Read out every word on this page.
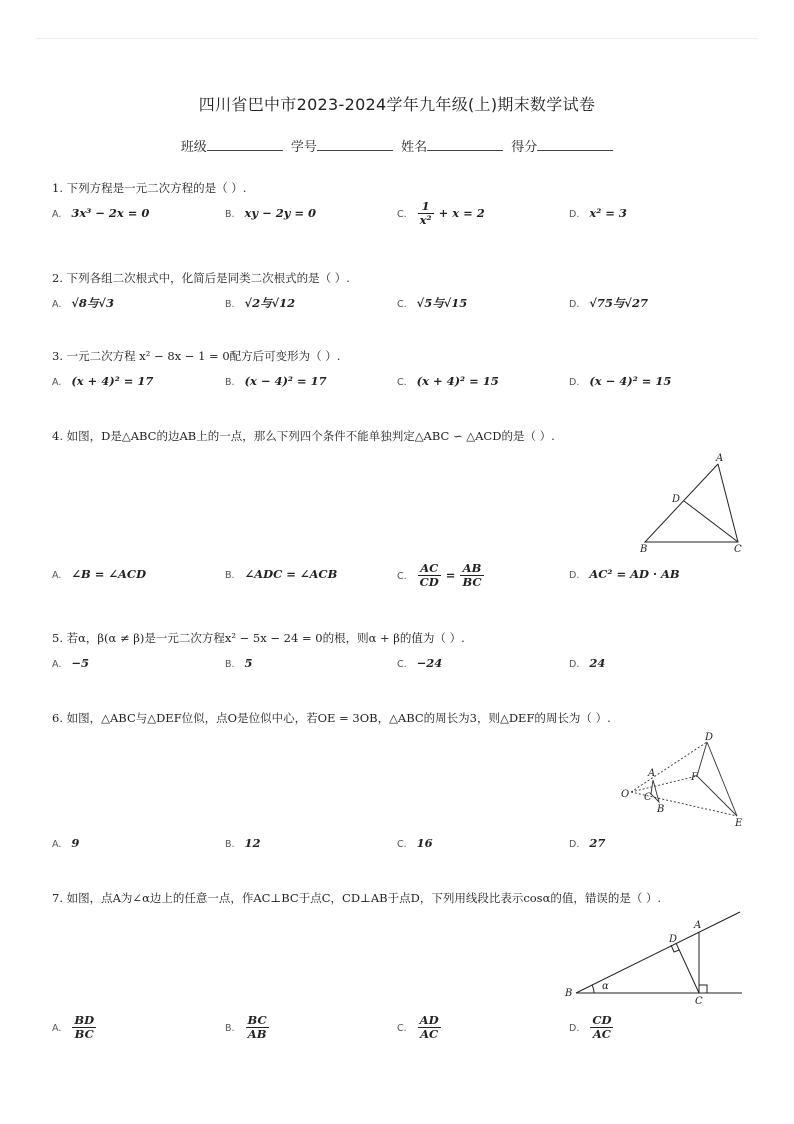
四川省巴中市2023-2024学年九年级(上)期末数学试卷
班级	学号	姓名	得分
1. 下列方程是一元二次方程的是（ ）.
A. 3x³ − 2x = 0	B. xy − 2y = 0	C. $\frac{1}{\text{x²}} + x = 2$	D. x² = 3
2. 下列各组二次根式中，化简后是同类二次根式的是（ ）.
A. √8与√3	B. √2与√12	C. √5与√15	D. √75与√27
3. 一元二次方程 x² − 8x − 1 = 0配方后可变形为（ ）.
A. (x + 4)² = 17	B. (x − 4)² = 17	C. (x + 4)² = 15	D. (x − 4)² = 15
4. 如图，D是△ABC的边AB上的一点，那么下列四个条件不能单独判定△ABC ∽ △ACD的是（ ）.
A
D
B	C
A. ∠B = ∠ACD	B. ∠ADC = ∠ACB	C. $\frac{AC}{CD} = \frac{AB}{BC}$	D. AC² = AD · AB
5. 若α，β(α ≠ β)是一元二次方程x² − 5x − 24 = 0的根，则α + β的值为（ ）.
A. −5	B. 5	C. −24	D. 24
6. 如图，△ABC与△DEF位似，点O是位似中心，若OE = 3OB，△ABC的周长为3，则△DEF的周长为（ ）.
D
A	F
O C
B
E
A. 9	B. 12	C. 16	D. 27
7. 如图，点A为∠α边上的任意一点，作AC⊥BC于点C，CD⊥AB于点D，下列用线段比表示cosα的值，错误的是（ ）.
A
D
B
α
C
A. $\frac{BD}{BC}$	B. $\frac{BC}{AB}$	C. $\frac{AD}{AC}$	D. $\frac{CD}{AC}$
